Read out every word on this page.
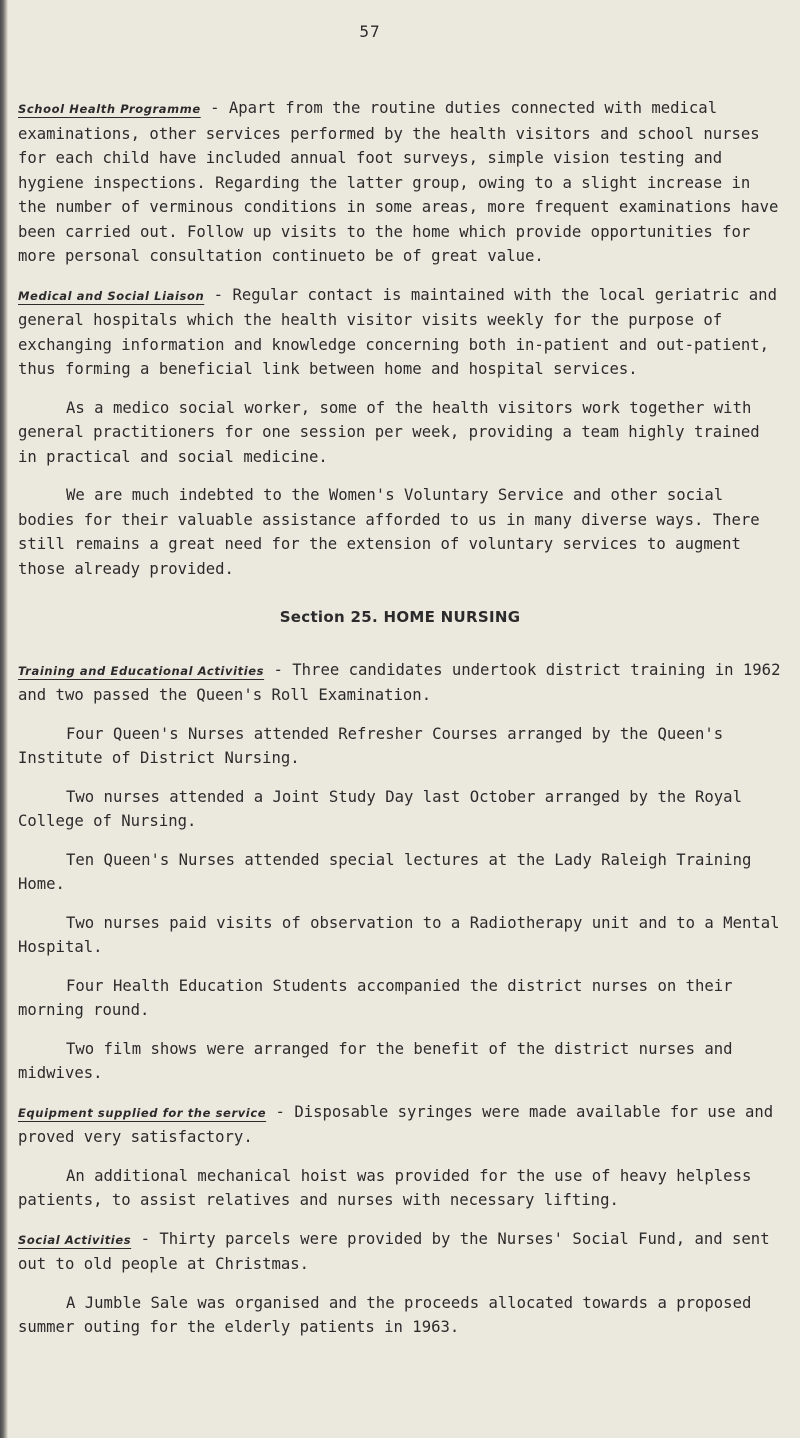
57

School Health Programme - Apart from the routine duties connected with medical examinations, other services performed by the health visitors and school nurses for each child have included annual foot surveys, simple vision testing and hygiene inspections. Regarding the latter group, owing to a slight increase in the number of verminous conditions in some areas, more frequent examinations have been carried out. Follow up visits to the home which provide opportunities for more personal consultation continueto be of great value.

Medical and Social Liaison - Regular contact is maintained with the local geriatric and general hospitals which the health visitor visits weekly for the purpose of exchanging information and knowledge concerning both in-patient and out-patient, thus forming a beneficial link between home and hospital services.

As a medico social worker, some of the health visitors work together with general practitioners for one session per week, providing a team highly trained in practical and social medicine.

We are much indebted to the Women's Voluntary Service and other social bodies for their valuable assistance afforded to us in many diverse ways. There still remains a great need for the extension of voluntary services to augment those already provided.

Section 25. HOME NURSING

Training and Educational Activities - Three candidates undertook district training in 1962 and two passed the Queen's Roll Examination.

Four Queen's Nurses attended Refresher Courses arranged by the Queen's Institute of District Nursing.

Two nurses attended a Joint Study Day last October arranged by the Royal College of Nursing.

Ten Queen's Nurses attended special lectures at the Lady Raleigh Training Home.

Two nurses paid visits of observation to a Radiotherapy unit and to a Mental Hospital.

Four Health Education Students accompanied the district nurses on their morning round.

Two film shows were arranged for the benefit of the district nurses and midwives.

Equipment supplied for the service - Disposable syringes were made available for use and proved very satisfactory.

An additional mechanical hoist was provided for the use of heavy helpless patients, to assist relatives and nurses with necessary lifting.

Social Activities - Thirty parcels were provided by the Nurses' Social Fund, and sent out to old people at Christmas.

A Jumble Sale was organised and the proceeds allocated towards a proposed summer outing for the elderly patients in 1963.
